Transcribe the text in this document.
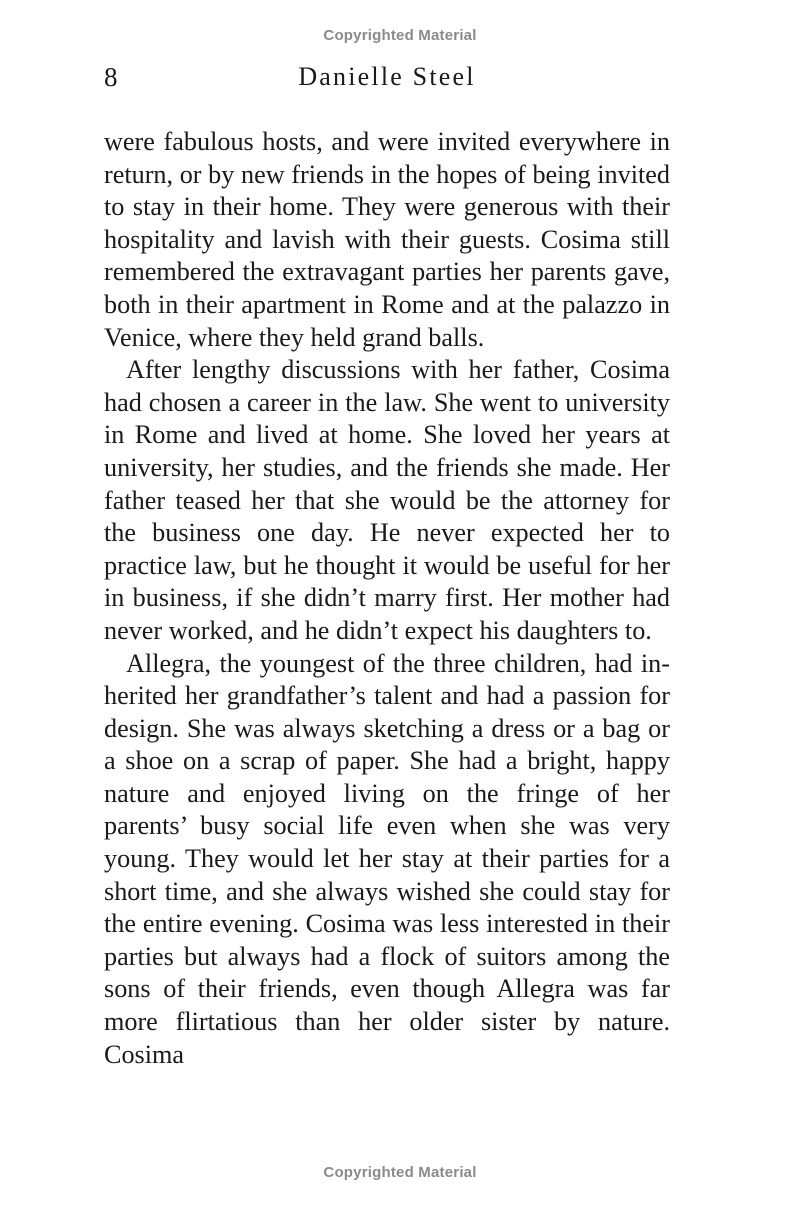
Copyrighted Material
8	Danielle Steel

were fabulous hosts, and were invited everywhere in return, or by new friends in the hopes of being invited to stay in their home. They were generous with their hospitality and lavish with their guests. Cosima still remembered the extravagant parties her parents gave, both in their apartment in Rome and at the palazzo in Venice, where they held grand balls.

After lengthy discussions with her father, Cosima had chosen a career in the law. She went to university in Rome and lived at home. She loved her years at university, her studies, and the friends she made. Her father teased her that she would be the attorney for the business one day. He never expected her to practice law, but he thought it would be useful for her in business, if she didn’t marry first. Her mother had never worked, and he didn’t expect his daughters to.

Allegra, the youngest of the three children, had inherited her grandfather’s talent and had a passion for design. She was always sketching a dress or a bag or a shoe on a scrap of paper. She had a bright, happy nature and enjoyed living on the fringe of her parents’ busy social life even when she was very young. They would let her stay at their parties for a short time, and she always wished she could stay for the entire evening. Cosima was less interested in their parties but always had a flock of suitors among the sons of their friends, even though Allegra was far more flirtatious than her older sister by nature. Cosima

Copyrighted Material
